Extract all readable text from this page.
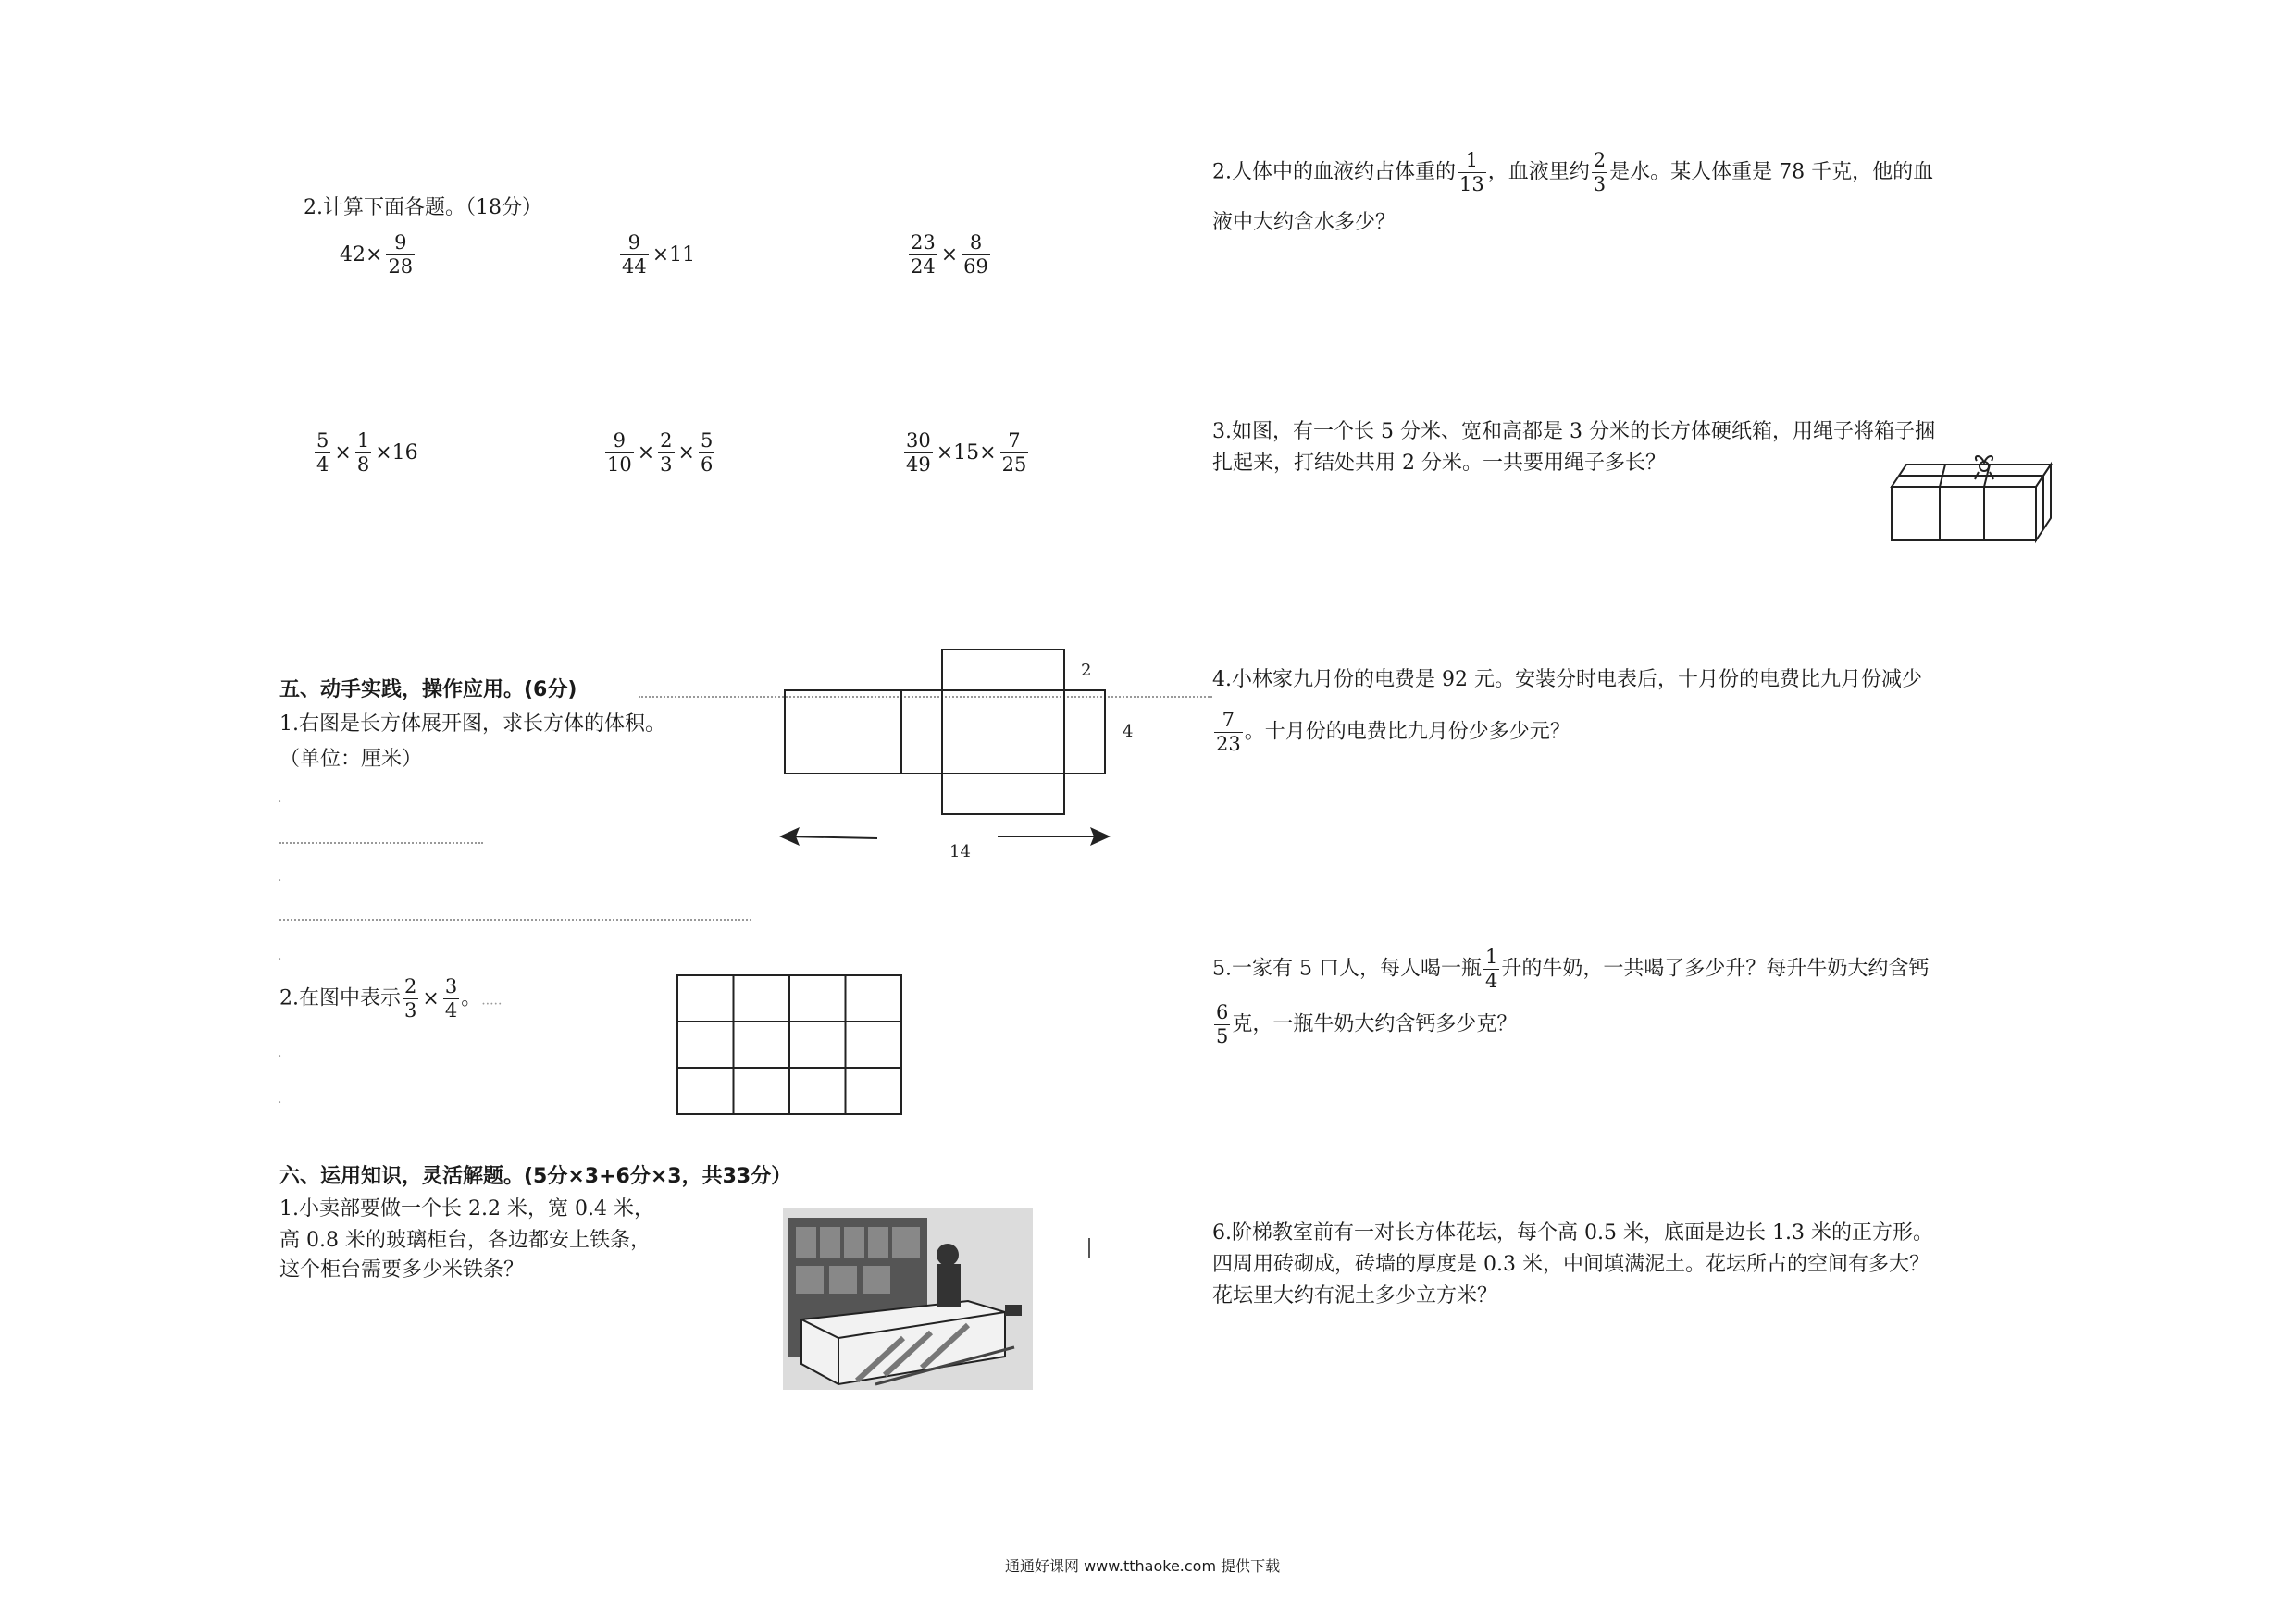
2.计算下面各题。（18分）
$42\times \frac{9}{28}$	$\frac{9}{44} \times 11$	$\frac{23}{24} \times \frac{8}{69}$
$\frac{5}{4} \times \frac{1}{8} \times 16$	$\frac{9}{10} \times \frac{2}{3} \times \frac{5}{6}$	$\frac{30}{49} \times 15\times \frac{7}{25}$
五、动手实践，操作应用。(6分)
1.右图是长方体展开图，求长方体的体积。
（单位：厘米）
.
.
.
2
4
14
2.在图中表示 $\frac{2}{3} \times \frac{3}{4}$ 。.....
.
.
六、运用知识，灵活解题。(5分×3+6分×3，共33分）
1.小卖部要做一个长 2.2 米，宽 0.4 米，
高 0.8 米的玻璃柜台，各边都安上铁条，
这个柜台需要多少米铁条？
2.人体中的血液约占体重的 $\frac{1}{13}$ ，血液里约 $\frac{2}{3}$ 是水。某人体重是 78 千克，他的血
液中大约含水多少？
3.如图，有一个长 5 分米、宽和高都是 3 分米的长方体硬纸箱，用绳子将箱子捆
扎起来，打结处共用 2 分米。一共要用绳子多长？
4.小林家九月份的电费是 92 元。安装分时电表后，十月份的电费比九月份减少
$\frac{7}{23}$ 。十月份的电费比九月份少多少元？
5.一家有 5 口人，每人喝一瓶 $\frac{1}{4}$ 升的牛奶，一共喝了多少升？每升牛奶大约含钙
$\frac{6}{5}$ 克，一瓶牛奶大约含钙多少克？
6.阶梯教室前有一对长方体花坛，每个高 0.5 米，底面是边长 1.3 米的正方形。
四周用砖砌成，砖墙的厚度是 0.3 米，中间填满泥土。花坛所占的空间有多大？
花坛里大约有泥土多少立方米？
通通好课网 www.tthaoke.com 提供下载
